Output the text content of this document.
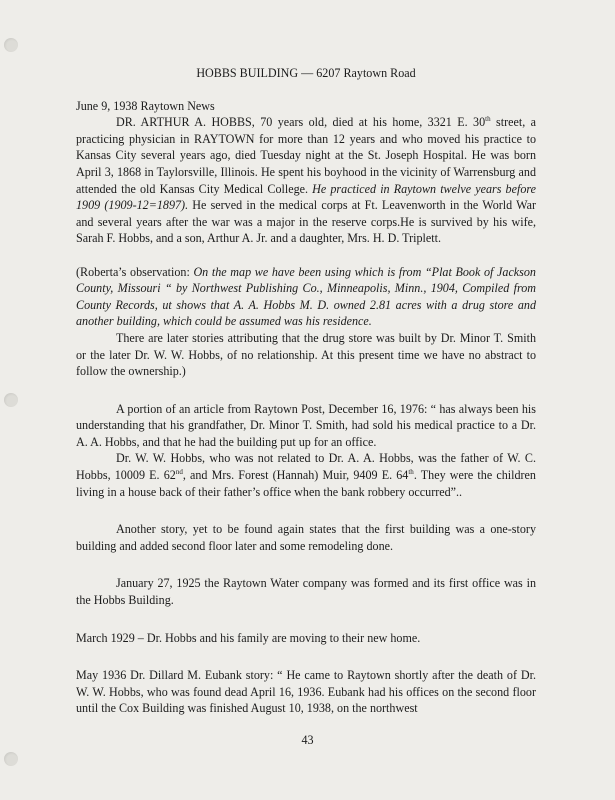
HOBBS BUILDING — 6207 Raytown Road

June 9, 1938 Raytown News

DR. ARTHUR A. HOBBS, 70 years old, died at his home, 3321 E. 30th street, a practicing physician in RAYTOWN for more than 12 years and who moved his practice to Kansas City several years ago, died Tuesday night at the St. Joseph Hospital. He was born April 3, 1868 in Taylorsville, Illinois. He spent his boyhood in the vicinity of Warrensburg and attended the old Kansas City Medical College. He practiced in Raytown twelve years before 1909 (1909-12=1897). He served in the medical corps at Ft. Leavenworth in the World War and several years after the war was a major in the reserve corps.He is survived by his wife, Sarah F. Hobbs, and a son, Arthur A. Jr. and a daughter, Mrs. H. D. Triplett.

(Roberta’s observation: On the map we have been using which is from “Plat Book of Jackson County, Missouri “ by Northwest Publishing Co., Minneapolis, Minn., 1904, Compiled from County Records, ut shows that A. A. Hobbs M. D. owned 2.81 acres with a drug store and another building, which could be assumed was his residence.

There are later stories attributing that the drug store was built by Dr. Minor T. Smith or the later Dr. W. W. Hobbs, of no relationship. At this present time we have no abstract to follow the ownership.)

A portion of an article from Raytown Post, December 16, 1976: “ has always been his understanding that his grandfather, Dr. Minor T. Smith, had sold his medical practice to a Dr. A. A. Hobbs, and that he had the building put up for an office.

Dr. W. W. Hobbs, who was not related to Dr. A. A. Hobbs, was the father of W. C. Hobbs, 10009 E. 62nd, and Mrs. Forest (Hannah) Muir, 9409 E. 64th. They were the children living in a house back of their father’s office when the bank robbery occurred”..

Another story, yet to be found again states that the first building was a one-story building and added second floor later and some remodeling done.

January 27, 1925 the Raytown Water company was formed and its first office was in the Hobbs Building.

March 1929 – Dr. Hobbs and his family are moving to their new home.

May 1936 Dr. Dillard M. Eubank story: “ He came to Raytown shortly after the death of Dr. W. W. Hobbs, who was found dead April 16, 1936. Eubank had his offices on the second floor until the Cox Building was finished August 10, 1938, on the northwest

43
